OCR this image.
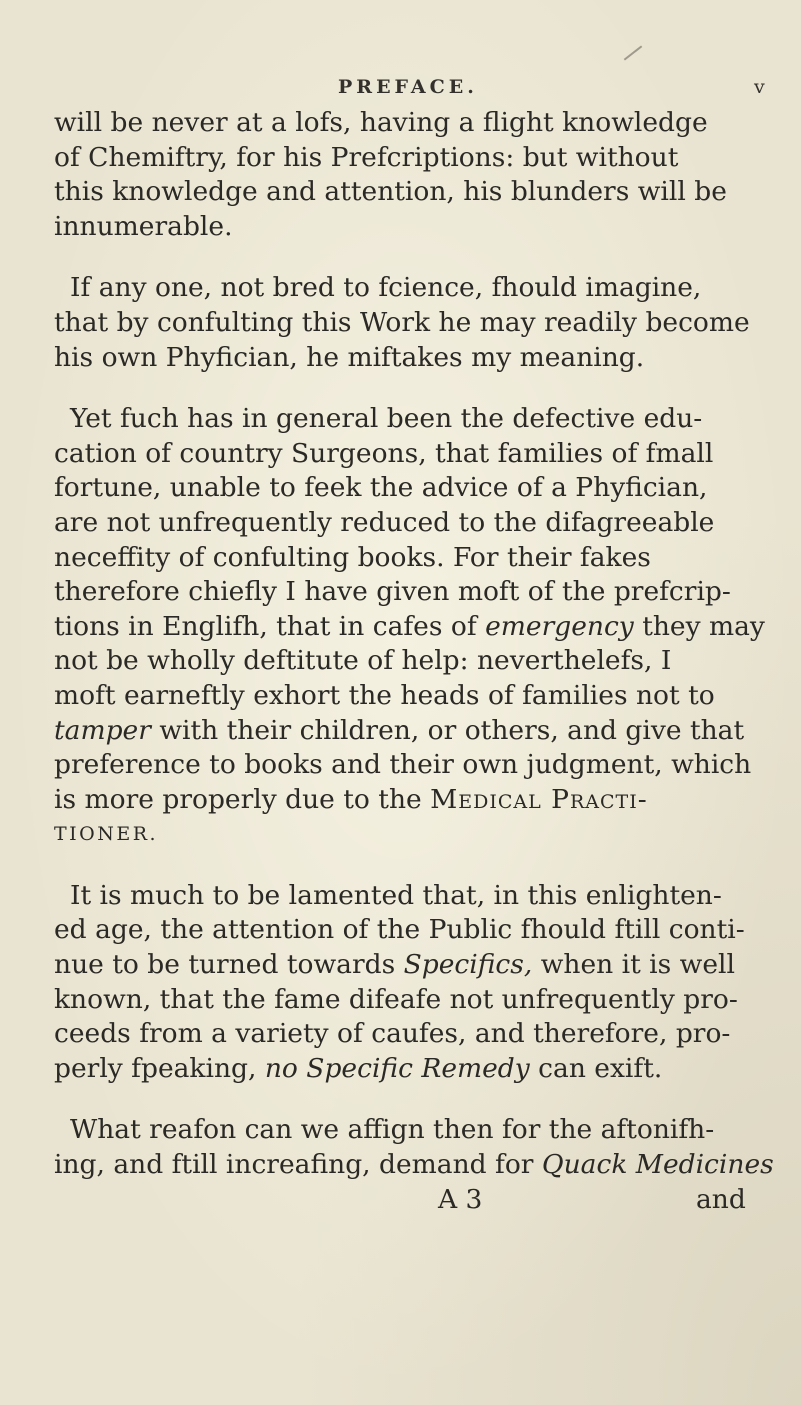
PREFACE.	v
will be never at a lofs, having a flight knowledge
of Chemiftry, for his Prefcriptions: but without
this knowledge and attention, his blunders will be
innumerable.
If any one, not bred to fcience, fhould imagine,
that by confulting this Work he may readily become
his own Phyfician, he miftakes my meaning.
Yet fuch has in general been the defective edu-
cation of country Surgeons, that families of fmall
fortune, unable to feek the advice of a Phyfician,
are not unfrequently reduced to the difagreeable
neceffity of confulting books. For their fakes
therefore chiefly I have given moft of the prefcrip-
tions in Englifh, that in cafes of emergency they may
not be wholly deftitute of help: neverthelefs, I
moft earneftly exhort the heads of families not to
tamper with their children, or others, and give that
preference to books and their own judgment, which
is more properly due to the Medical Practi-
TIONER.
It is much to be lamented that, in this enlighten-
ed age, the attention of the Public fhould ftill conti-
nue to be turned towards Specifics, when it is well
known, that the fame difeafe not unfrequently pro-
ceeds from a variety of caufes, and therefore, pro-
perly fpeaking, no Specific Remedy can exift.
What reafon can we affign then for the aftonifh-
ing, and ftill increafing, demand for Quack Medicines
A 3	and
